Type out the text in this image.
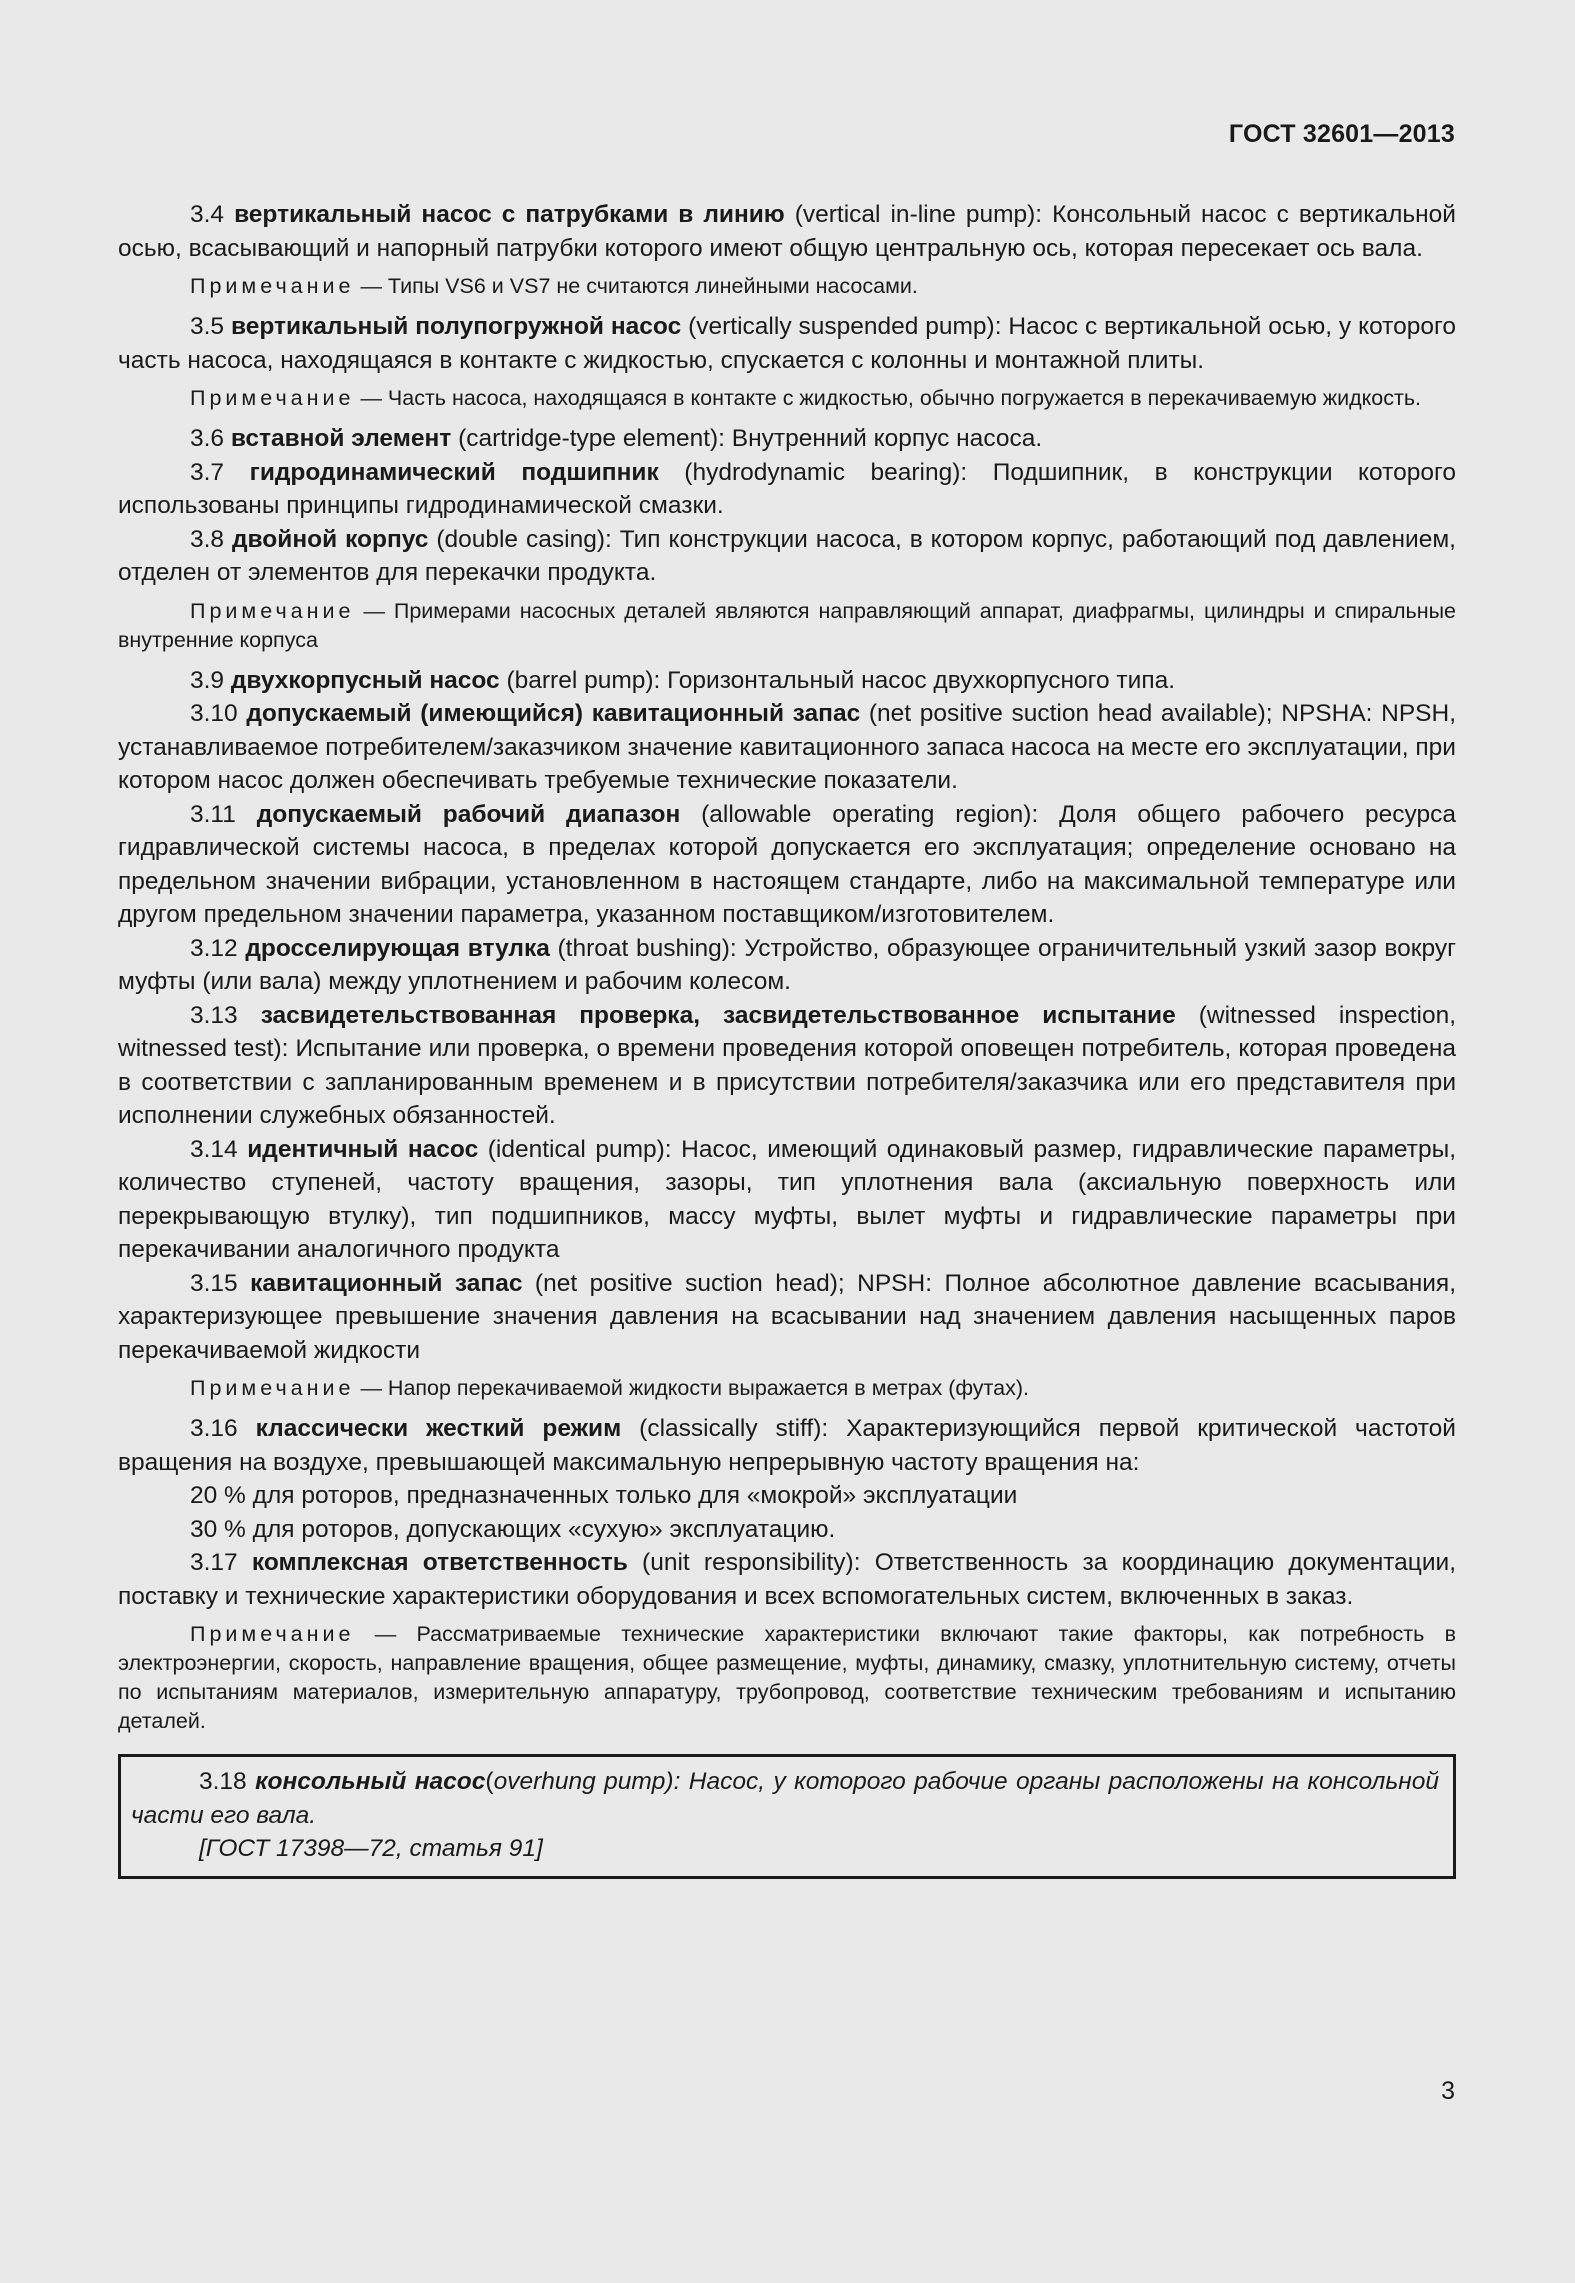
ГОСТ 32601—2013

3.4 вертикальный насос с патрубками в линию (vertical in-line pump): Консольный насос с вертикальной осью, всасывающий и напорный патрубки которого имеют общую центральную ось, которая пересекает ось вала.

Примечание — Типы VS6 и VS7 не считаются линейными насосами.

3.5 вертикальный полупогружной насос (vertically suspended pump): Насос с вертикальной осью, у которого часть насоса, находящаяся в контакте с жидкостью, спускается с колонны и монтажной плиты.

Примечание — Часть насоса, находящаяся в контакте с жидкостью, обычно погружается в перекачиваемую жидкость.

3.6 вставной элемент (cartridge-type element): Внутренний корпус насоса.

3.7 гидродинамический подшипник (hydrodynamic bearing): Подшипник, в конструкции которого использованы принципы гидродинамической смазки.

3.8 двойной корпус (double casing): Тип конструкции насоса, в котором корпус, работающий под давлением, отделен от элементов для перекачки продукта.

Примечание — Примерами насосных деталей являются направляющий аппарат, диафрагмы, цилиндры и спиральные внутренние корпуса

3.9 двухкорпусный насос (barrel pump): Горизонтальный насос двухкорпусного типа.

3.10 допускаемый (имеющийся) кавитационный запас (net positive suction head available); NPSHA: NPSH, устанавливаемое потребителем/заказчиком значение кавитационного запаса насоса на месте его эксплуатации, при котором насос должен обеспечивать требуемые технические показатели.

3.11 допускаемый рабочий диапазон (allowable operating region): Доля общего рабочего ресурса гидравлической системы насоса, в пределах которой допускается его эксплуатация; определение основано на предельном значении вибрации, установленном в настоящем стандарте, либо на максимальной температуре или другом предельном значении параметра, указанном поставщиком/изготовителем.

3.12 дросселирующая втулка (throat bushing): Устройство, образующее ограничительный узкий зазор вокруг муфты (или вала) между уплотнением и рабочим колесом.

3.13 засвидетельствованная проверка, засвидетельствованное испытание (witnessed inspection, witnessed test): Испытание или проверка, о времени проведения которой оповещен потребитель, которая проведена в соответствии с запланированным временем и в присутствии потребителя/заказчика или его представителя при исполнении служебных обязанностей.

3.14 идентичный насос (identical pump): Насос, имеющий одинаковый размер, гидравлические параметры, количество ступеней, частоту вращения, зазоры, тип уплотнения вала (аксиальную поверхность или перекрывающую втулку), тип подшипников, массу муфты, вылет муфты и гидравлические параметры при перекачивании аналогичного продукта

3.15 кавитационный запас (net positive suction head); NPSH: Полное абсолютное давление всасывания, характеризующее превышение значения давления на всасывании над значением давления насыщенных паров перекачиваемой жидкости

Примечание — Напор перекачиваемой жидкости выражается в метрах (футах).

3.16 классически жесткий режим (classically stiff): Характеризующийся первой критической частотой вращения на воздухе, превышающей максимальную непрерывную частоту вращения на:

20 % для роторов, предназначенных только для «мокрой» эксплуатации

30 % для роторов, допускающих «сухую» эксплуатацию.

3.17 комплексная ответственность (unit responsibility): Ответственность за координацию документации, поставку и технические характеристики оборудования и всех вспомогательных систем, включенных в заказ.

Примечание — Рассматриваемые технические характеристики включают такие факторы, как потребность в электроэнергии, скорость, направление вращения, общее размещение, муфты, динамику, смазку, уплотнительную систему, отчеты по испытаниям материалов, измерительную аппаратуру, трубопровод, соответствие техническим требованиям и испытанию деталей.

3.18 консольный насос(overhung pump): Насос, у которого рабочие органы расположены на консольной части его вала.

[ГОСТ 17398—72, статья 91]

3
